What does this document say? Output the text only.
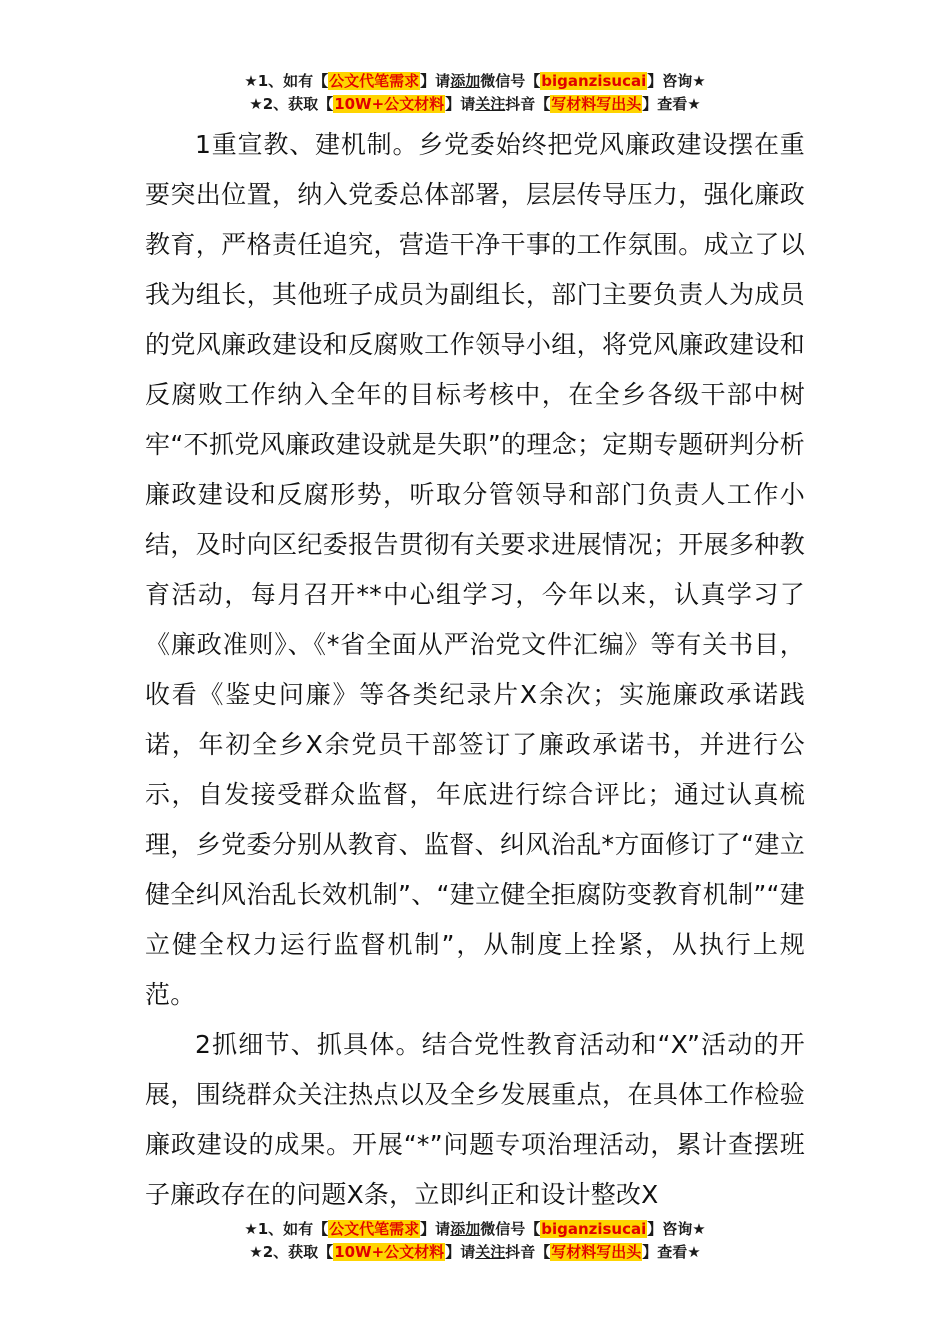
★1、如有【公文代笔需求】请添加微信号【biganzisucai】咨询★
★2、获取【10W+公文材料】请关注抖音【写材料写出头】查看★

1重宣教、建机制。乡党委始终把党风廉政建设摆在重要突出位置，纳入党委总体部署，层层传导压力，强化廉政教育，严格责任追究，营造干净干事的工作氛围。成立了以我为组长，其他班子成员为副组长，部门主要负责人为成员的党风廉政建设和反腐败工作领导小组，将党风廉政建设和反腐败工作纳入全年的目标考核中，在全乡各级干部中树牢“不抓党风廉政建设就是失职”的理念；定期专题研判分析廉政建设和反腐形势，听取分管领导和部门负责人工作小结，及时向区纪委报告贯彻有关要求进展情况；开展多种教育活动，每月召开**中心组学习，今年以来，认真学习了《廉政准则》、《*省全面从严治党文件汇编》等有关书目，收看《鉴史问廉》等各类纪录片X余次；实施廉政承诺践诺，年初全乡X余党员干部签订了廉政承诺书，并进行公示，自发接受群众监督，年底进行综合评比；通过认真梳理，乡党委分别从教育、监督、纠风治乱*方面修订了“建立健全纠风治乱长效机制”、“建立健全拒腐防变教育机制”“建立健全权力运行监督机制”，从制度上拴紧，从执行上规范。

2抓细节、抓具体。结合党性教育活动和“X”活动的开展，围绕群众关注热点以及全乡发展重点，在具体工作检验廉政建设的成果。开展“*”问题专项治理活动，累计查摆班子廉政存在的问题X条，立即纠正和设计整改X

★1、如有【公文代笔需求】请添加微信号【biganzisucai】咨询★
★2、获取【10W+公文材料】请关注抖音【写材料写出头】查看★
